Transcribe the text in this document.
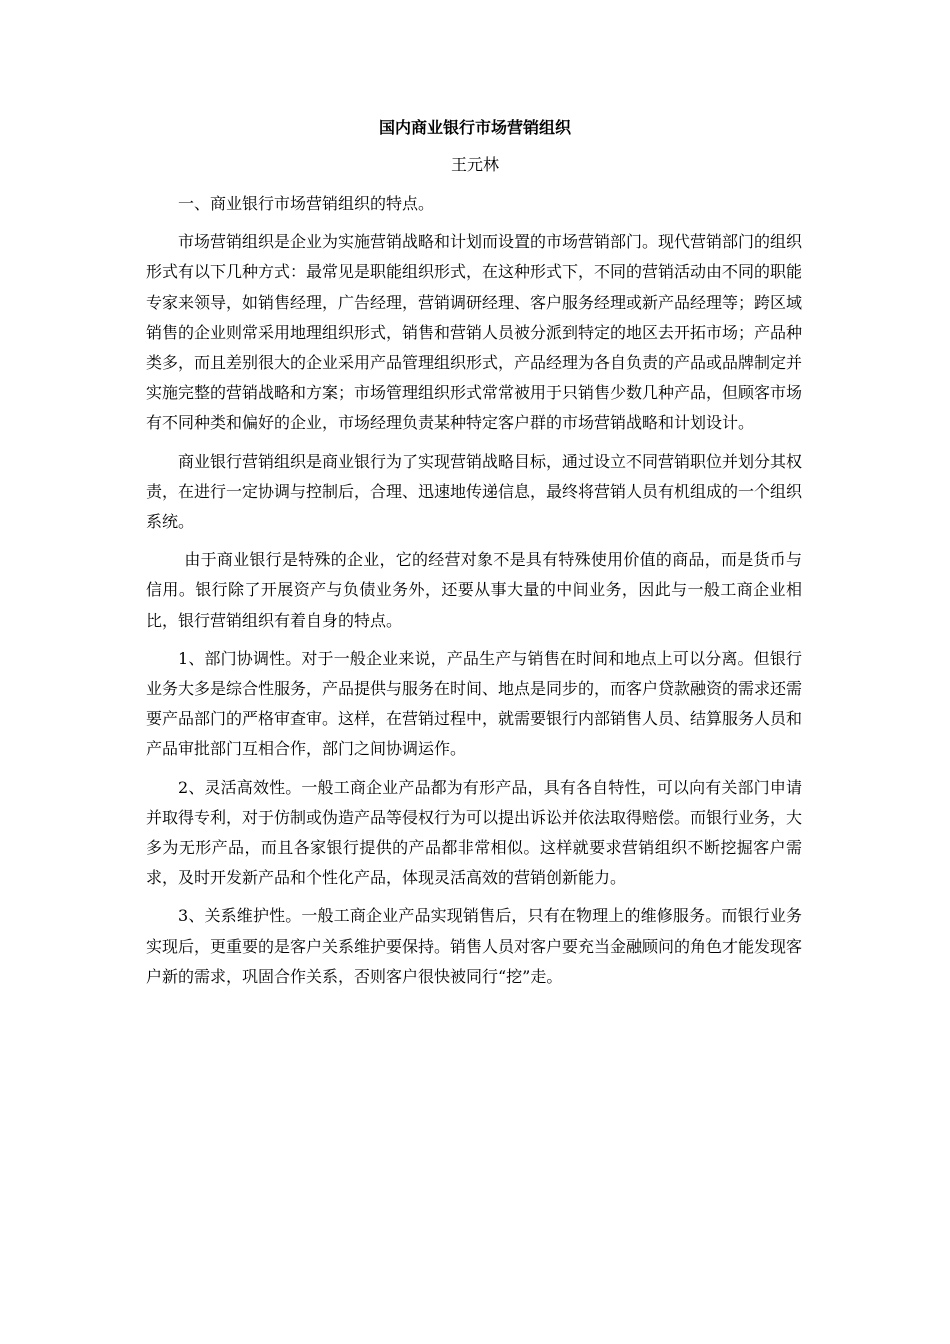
国内商业银行市场营销组织
王元林

一、商业银行市场营销组织的特点。

市场营销组织是企业为实施营销战略和计划而设置的市场营销部门。现代营销部门的组织形式有以下几种方式：最常见是职能组织形式，在这种形式下，不同的营销活动由不同的职能专家来领导，如销售经理，广告经理，营销调研经理、客户服务经理或新产品经理等；跨区域销售的企业则常采用地理组织形式，销售和营销人员被分派到特定的地区去开拓市场；产品种类多，而且差别很大的企业采用产品管理组织形式，产品经理为各自负责的产品或品牌制定并实施完整的营销战略和方案；市场管理组织形式常常被用于只销售少数几种产品，但顾客市场有不同种类和偏好的企业，市场经理负责某种特定客户群的市场营销战略和计划设计。

商业银行营销组织是商业银行为了实现营销战略目标，通过设立不同营销职位并划分其权责，在进行一定协调与控制后，合理、迅速地传递信息，最终将营销人员有机组成的一个组织系统。

由于商业银行是特殊的企业，它的经营对象不是具有特殊使用价值的商品，而是货币与信用。银行除了开展资产与负债业务外，还要从事大量的中间业务，因此与一般工商企业相比，银行营销组织有着自身的特点。

1、部门协调性。对于一般企业来说，产品生产与销售在时间和地点上可以分离。但银行业务大多是综合性服务，产品提供与服务在时间、地点是同步的，而客户贷款融资的需求还需要产品部门的严格审查审。这样，在营销过程中，就需要银行内部销售人员、结算服务人员和产品审批部门互相合作，部门之间协调运作。

2、灵活高效性。一般工商企业产品都为有形产品，具有各自特性，可以向有关部门申请并取得专利，对于仿制或伪造产品等侵权行为可以提出诉讼并依法取得赔偿。而银行业务，大多为无形产品，而且各家银行提供的产品都非常相似。这样就要求营销组织不断挖掘客户需求，及时开发新产品和个性化产品，体现灵活高效的营销创新能力。

3、关系维护性。一般工商企业产品实现销售后，只有在物理上的维修服务。而银行业务实现后，更重要的是客户关系维护要保持。销售人员对客户要充当金融顾问的角色才能发现客户新的需求，巩固合作关系，否则客户很快被同行“挖”走。
